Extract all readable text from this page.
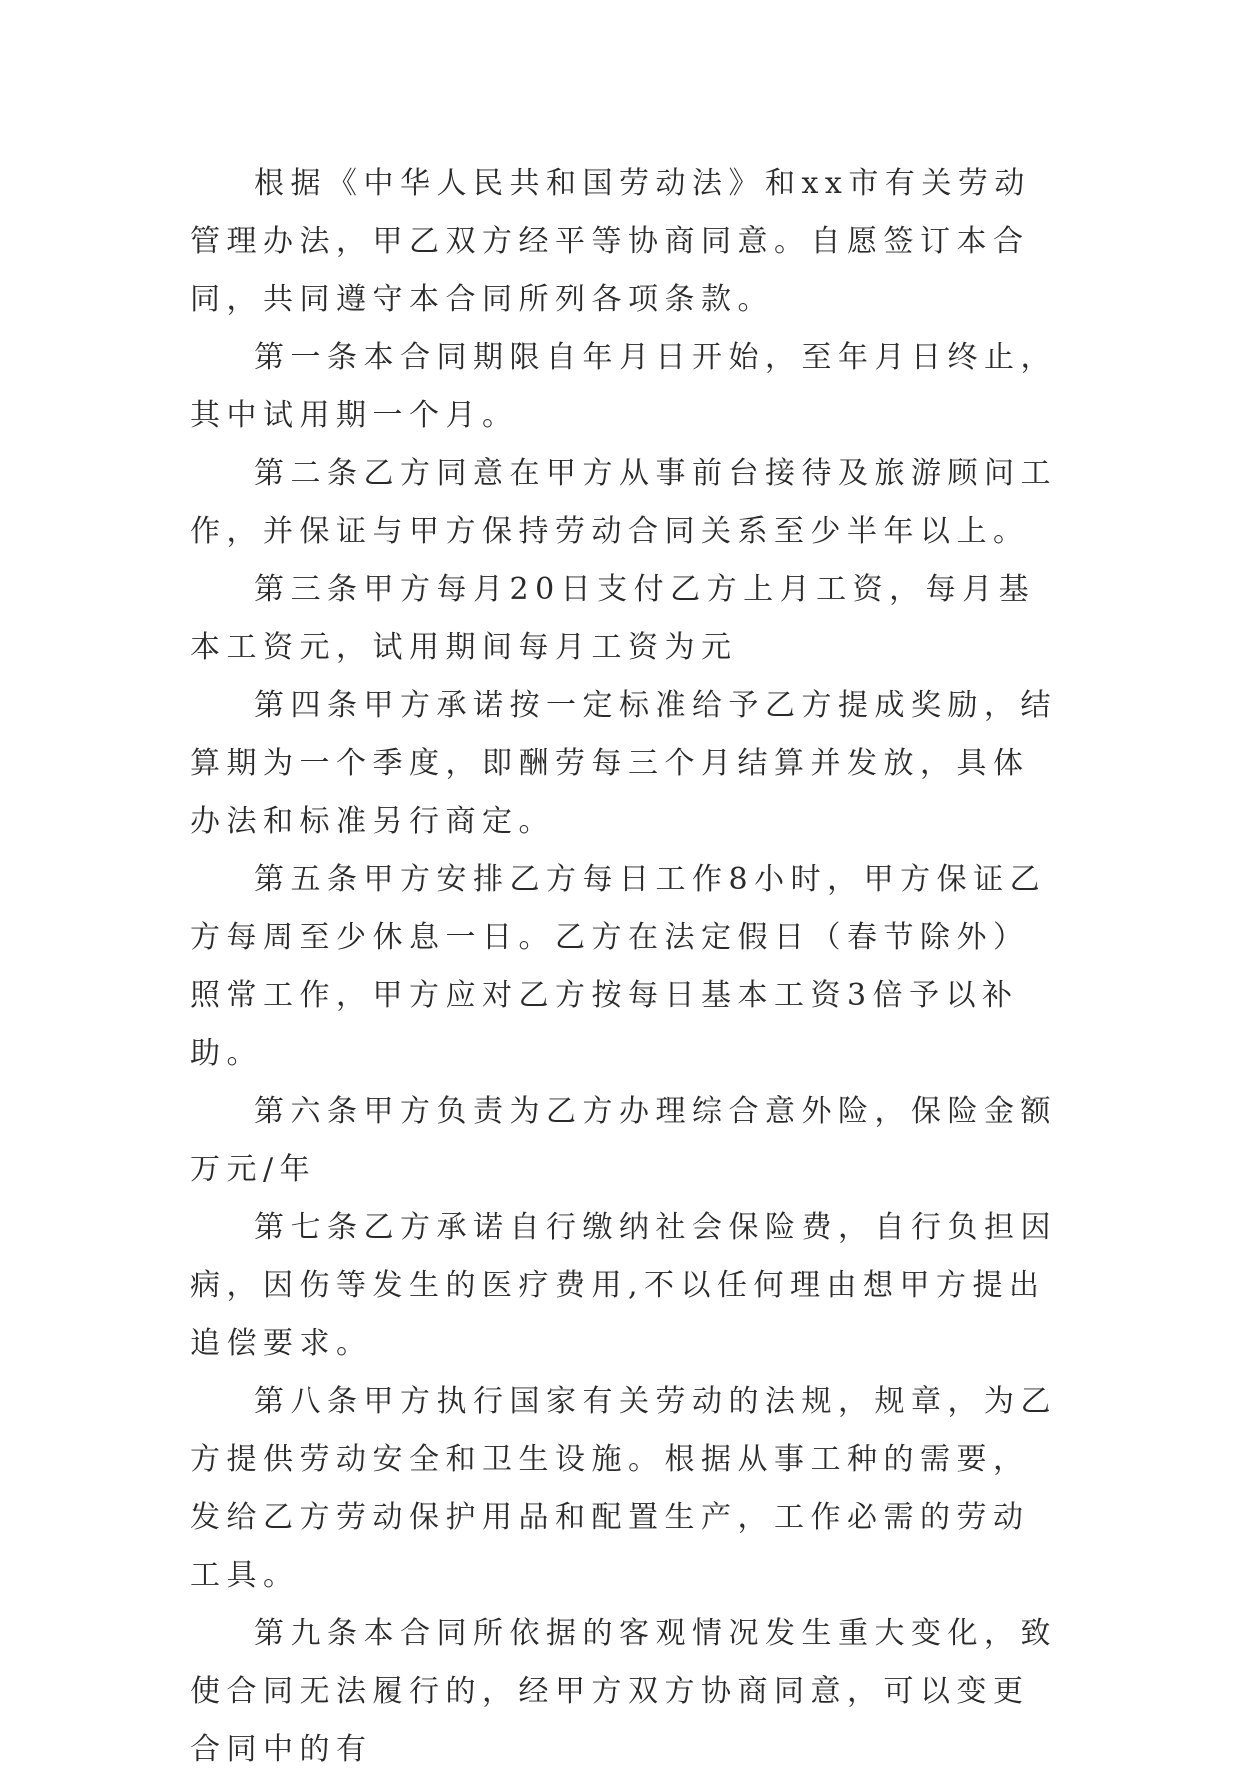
根据《中华人民共和国劳动法》和xx市有关劳动管理办法，甲乙双方经平等协商同意。自愿签订本合同，共同遵守本合同所列各项条款。

第一条本合同期限自年月日开始，至年月日终止，其中试用期一个月。

第二条乙方同意在甲方从事前台接待及旅游顾问工作，并保证与甲方保持劳动合同关系至少半年以上。

第三条甲方每月20日支付乙方上月工资，每月基本工资元，试用期间每月工资为元

第四条甲方承诺按一定标准给予乙方提成奖励，结算期为一个季度，即酬劳每三个月结算并发放，具体办法和标准另行商定。

第五条甲方安排乙方每日工作8小时，甲方保证乙方每周至少休息一日。乙方在法定假日（春节除外）照常工作，甲方应对乙方按每日基本工资3倍予以补助。

第六条甲方负责为乙方办理综合意外险，保险金额万元/年

第七条乙方承诺自行缴纳社会保险费，自行负担因病，因伤等发生的医疗费用,不以任何理由想甲方提出追偿要求。

第八条甲方执行国家有关劳动的法规，规章，为乙方提供劳动安全和卫生设施。根据从事工种的需要，发给乙方劳动保护用品和配置生产，工作必需的劳动工具。

第九条本合同所依据的客观情况发生重大变化，致使合同无法履行的，经甲方双方协商同意，可以变更合同中的有
